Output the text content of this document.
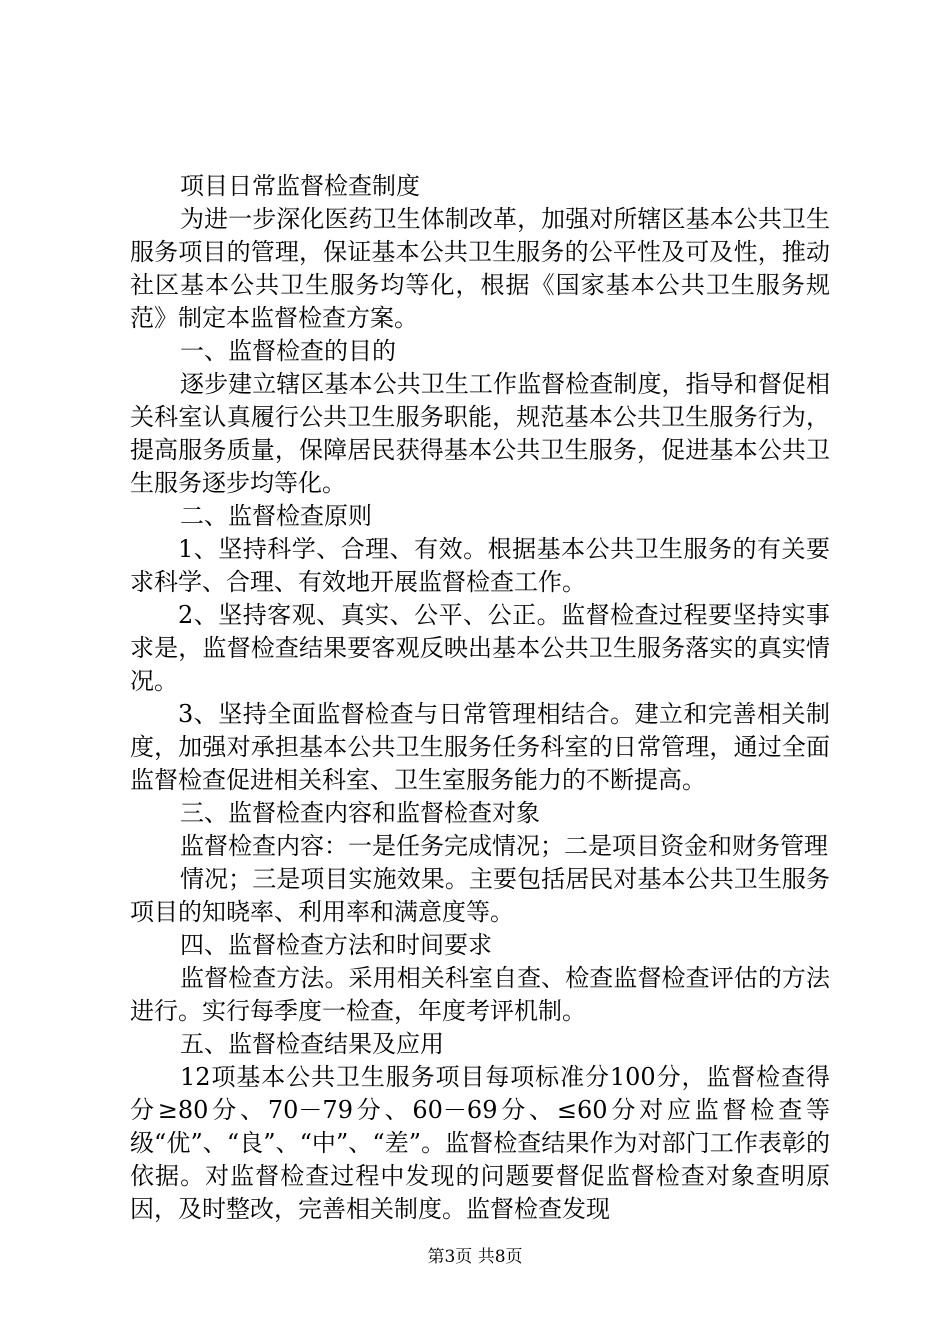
项目日常监督检查制度

为进一步深化医药卫生体制改革，加强对所辖区基本公共卫生服务项目的管理，保证基本公共卫生服务的公平性及可及性，推动社区基本公共卫生服务均等化，根据《国家基本公共卫生服务规范》制定本监督检查方案。

一、监督检查的目的

逐步建立辖区基本公共卫生工作监督检查制度，指导和督促相关科室认真履行公共卫生服务职能，规范基本公共卫生服务行为，提高服务质量，保障居民获得基本公共卫生服务，促进基本公共卫生服务逐步均等化。

二、监督检查原则

1、坚持科学、合理、有效。根据基本公共卫生服务的有关要求科学、合理、有效地开展监督检查工作。

2、坚持客观、真实、公平、公正。监督检查过程要坚持实事求是，监督检查结果要客观反映出基本公共卫生服务落实的真实情况。

3、坚持全面监督检查与日常管理相结合。建立和完善相关制度，加强对承担基本公共卫生服务任务科室的日常管理，通过全面监督检查促进相关科室、卫生室服务能力的不断提高。

三、监督检查内容和监督检查对象

监督检查内容：一是任务完成情况；二是项目资金和财务管理

情况；三是项目实施效果。主要包括居民对基本公共卫生服务项目的知晓率、利用率和满意度等。

四、监督检查方法和时间要求

监督检查方法。采用相关科室自查、检查监督检查评估的方法进行。实行每季度一检查，年度考评机制。

五、监督检查结果及应用

12项基本公共卫生服务项目每项标准分100分，监督检查得分≥80分、70－79分、60－69分、≤60分对应监督检查等级“优”、“良”、“中”、“差”。监督检查结果作为对部门工作表彰的依据。对监督检查过程中发现的问题要督促监督检查对象查明原因，及时整改，完善相关制度。监督检查发现

第3页 共8页
